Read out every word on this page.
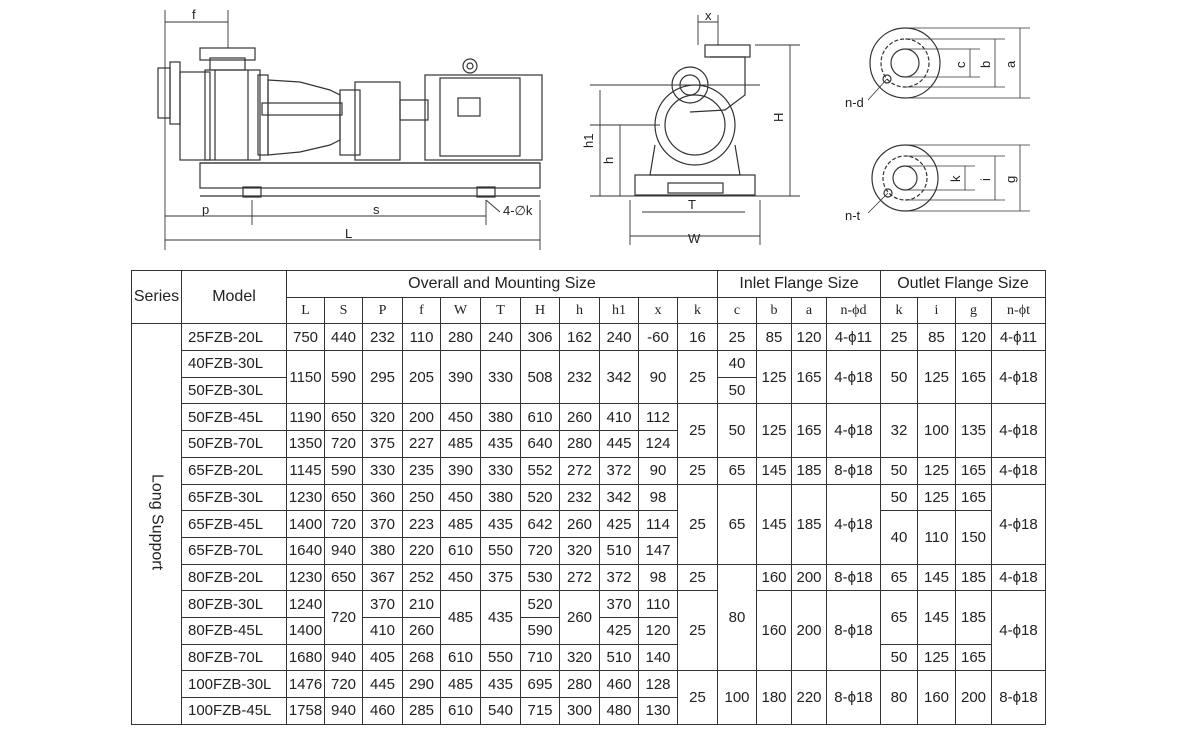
f
p	s
L
4-∅k
x
H
h1
h
T
W
a
b
c
n-d
g
i
k
n-t
Series	Model	Overall and Mounting Size											Inlet Flange Size				Outlet Flange Size			
		L	S	P	f	W	T	H	h	h1	x	k	c	b	a	n-ϕd	k	i	g	n-ϕt
Long Support	25FZB-20L	750	440	232	110	280	240	306	162	240	-60	16	25	85	120	4-ϕ11	25	85	120	4-ϕ11
	40FZB-30L	1150	590	295	205	390	330	508	232	342	90	25	40	125	165	4-ϕ18	50	125	165	4-ϕ18
	50FZB-30L												50							
	50FZB-45L	1190	650	320	200	450	380	610	260	410	112	25	50	125	165	4-ϕ18	32	100	135	4-ϕ18
	50FZB-70L	1350	720	375	227	485	435	640	280	445	124									
	65FZB-20L	1145	590	330	235	390	330	552	272	372	90	25	65	145	185	8-ϕ18	50	125	165	4-ϕ18
	65FZB-30L	1230	650	360	250	450	380	520	232	342	98	25	65	145	185	4-ϕ18	50	125	165	4-ϕ18
	65FZB-45L	1400	720	370	223	485	435	642	260	425	114						40	110	150	
	65FZB-70L	1640	940	380	220	610	550	720	320	510	147									
	80FZB-20L	1230	650	367	252	450	375	530	272	372	98	25	80	160	200	8-ϕ18	65	145	185	4-ϕ18
	80FZB-30L	1240	720	370	210	485	435	520	260	370	110	25		160	200	8-ϕ18	65	145	185	4-ϕ18
	80FZB-45L	1400		410	260			590		425	120									
	80FZB-70L	1680	940	405	268	610	550	710	320	510	140						50	125	165	
	100FZB-30L	1476	720	445	290	485	435	695	280	460	128	25	100	180	220	8-ϕ18	80	160	200	8-ϕ18
	100FZB-45L	1758	940	460	285	610	540	715	300	480	130									
